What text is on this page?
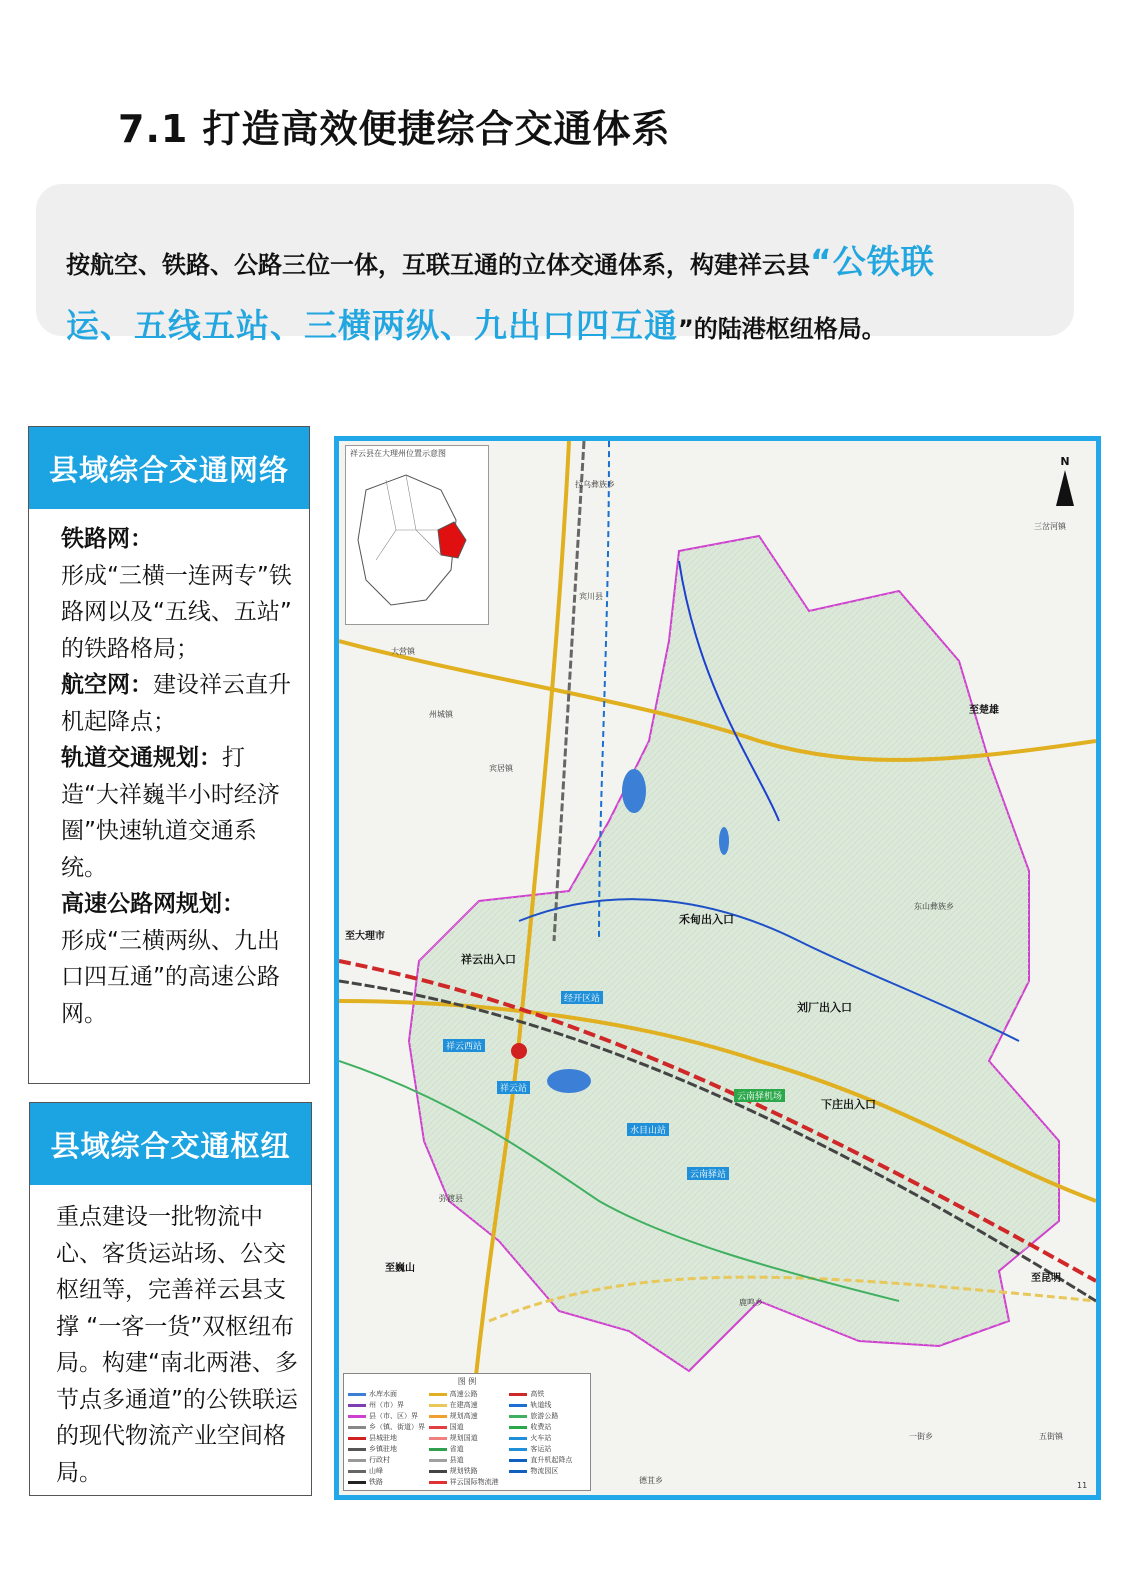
7.1 打造高效便捷综合交通体系
按航空、铁路、公路三位一体，互联互通的立体交通体系，构建祥云县“公铁联
运、五线五站、三横两纵、九出口四互通”的陆港枢纽格局。
县域综合交通网络
铁路网：
形成“三横一连两专”铁路网以及“五线、五站” 的铁路格局；
航空网：建设祥云直升机起降点；
轨道交通规划：打造“大祥巍半小时经济圈”快速轨道交通系统。
高速公路网规划：
形成“三横两纵、九出口四互通”的高速公路网。
县域综合交通枢纽
重点建设一批物流中心、客货运站场、公交枢纽等，完善祥云县支撑 “一客一货”双枢纽布局。构建“南北两港、多节点多通道”的公铁联运的现代物流产业空间格局。
祥云县在大理州位置示意图
N
拉乌彝族乡
三岔河镇
宾川县
大营镇
州城镇
宾居镇
禾甸出入口
祥云出入口
刘厂出入口
下庄出入口
至大理市
至楚雄
至昆明
至巍山
祥云站
祥云西站
水目山站
云南驿站
经开区站
云南驿机场
弥渡县
德苴乡
一街乡	五街镇
鹿鸣乡
东山彝族乡
11
图 例
水库水面	高速公路	高铁
州（市）界	在建高速	轨道线
县（市、区）界	规划高速	旅游公路
乡（镇、街道）界	国道	收费站
县城驻地	规划国道	火车站
乡镇驻地	省道	客运站
行政村	县道	直升机起降点
山峰	规划铁路	物流园区
铁路	祥云国际物流港
